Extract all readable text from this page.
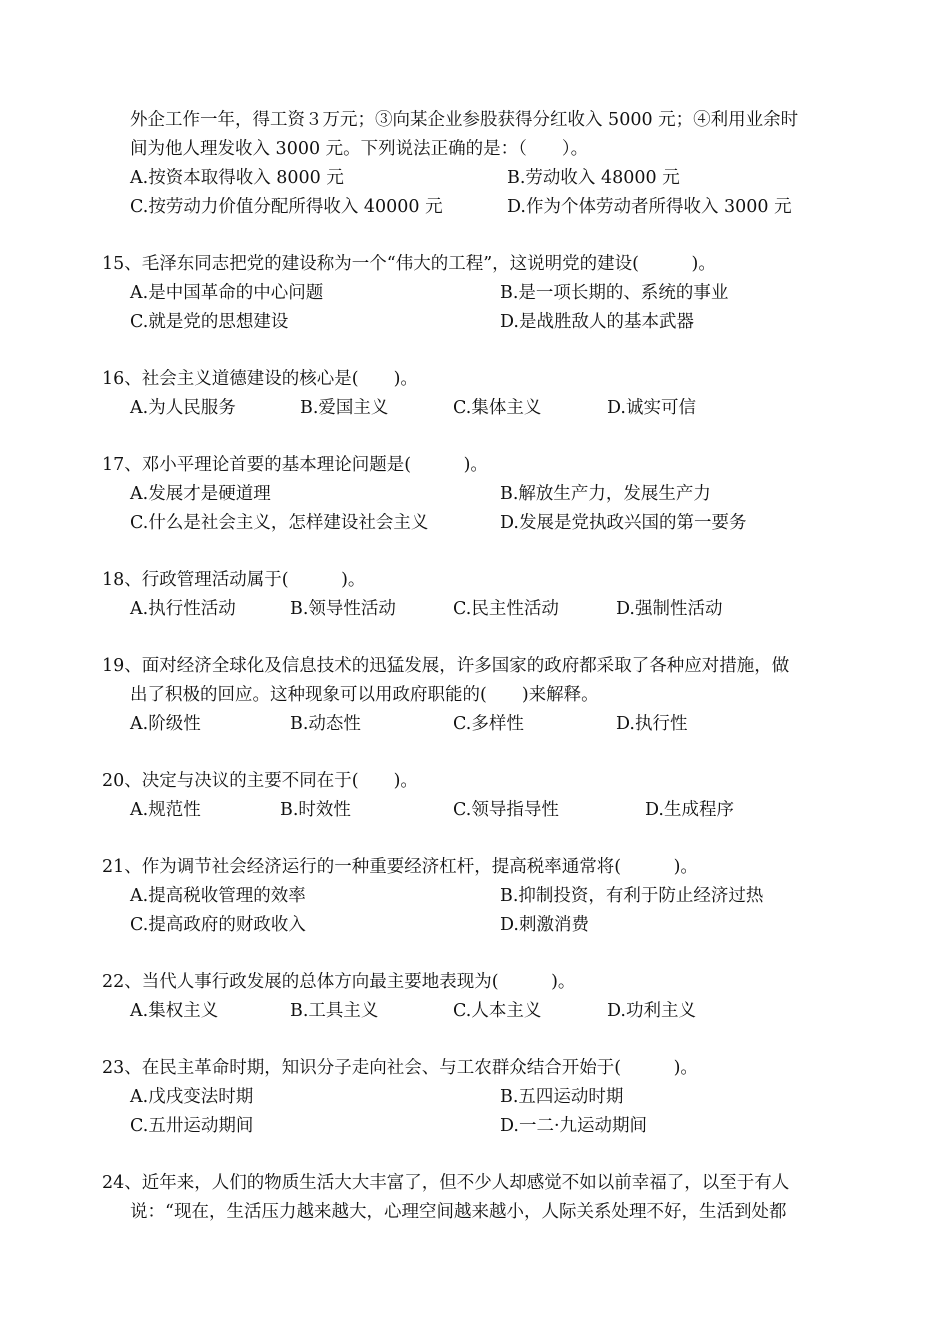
外企工作一年，得工资３万元；③向某企业参股获得分红收入 5000 元；④利用业余时
间为他人理发收入 3000 元。下列说法正确的是：（　　）。
A.按资本取得收入 8000 元	B.劳动收入 48000 元
C.按劳动力价值分配所得收入 40000 元	D.作为个体劳动者所得收入 3000 元
15、毛泽东同志把党的建设称为一个“伟大的工程”，这说明党的建设(　　　)。
A.是中国革命的中心问题	B.是一项长期的、系统的事业
C.就是党的思想建设	D.是战胜敌人的基本武器
16、社会主义道德建设的核心是(　　)。
A.为人民服务	B.爱国主义	C.集体主义	D.诚实可信
17、邓小平理论首要的基本理论问题是(　　　)。
A.发展才是硬道理	B.解放生产力，发展生产力
C.什么是社会主义，怎样建设社会主义	D.发展是党执政兴国的第一要务
18、行政管理活动属于(　　　)。
A.执行性活动	B.领导性活动	C.民主性活动	D.强制性活动
19、面对经济全球化及信息技术的迅猛发展，许多国家的政府都采取了各种应对措施，做
出了积极的回应。这种现象可以用政府职能的(　　)来解释。
A.阶级性	B.动态性	C.多样性	D.执行性
20、决定与决议的主要不同在于(　　)。
A.规范性	B.时效性	C.领导指导性	D.生成程序
21、作为调节社会经济运行的一种重要经济杠杆，提高税率通常将(　　　)。
A.提高税收管理的效率	B.抑制投资，有利于防止经济过热
C.提高政府的财政收入	D.刺激消费
22、当代人事行政发展的总体方向最主要地表现为(　　　)。
A.集权主义	B.工具主义	C.人本主义	D.功利主义
23、在民主革命时期，知识分子走向社会、与工农群众结合开始于(　　　)。
A.戊戌变法时期	B.五四运动时期
C.五卅运动期间	D.一二·九运动期间
24、近年来，人们的物质生活大大丰富了，但不少人却感觉不如以前幸福了，以至于有人
说：“现在，生活压力越来越大，心理空间越来越小，人际关系处理不好，生活到处都
